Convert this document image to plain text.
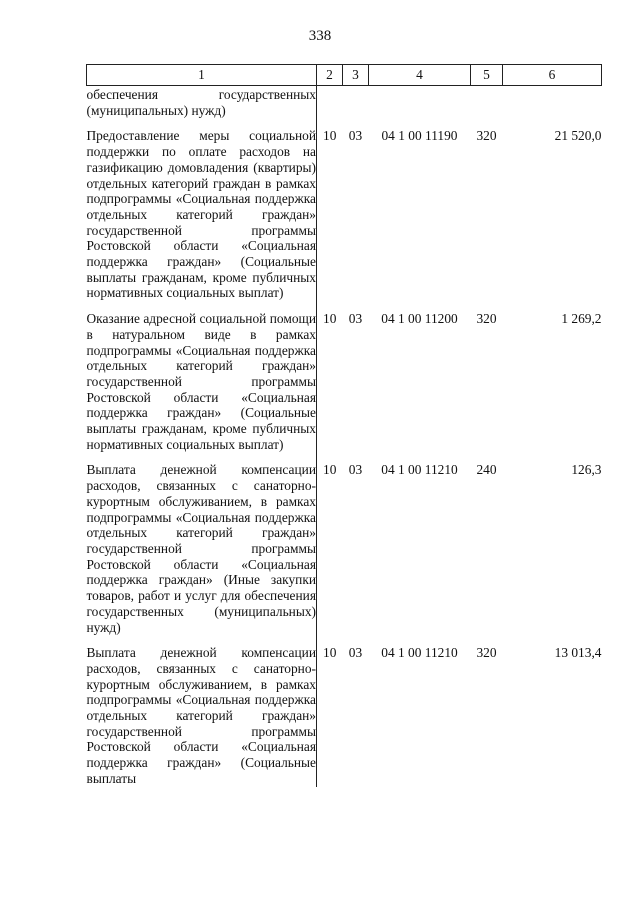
338
1	2	3	4	5	6
обеспечения государственных (муниципальных) нужд)					
Предоставление меры социальной поддержки по оплате расходов на газификацию домовладения (квартиры) отдельных категорий граждан в рамках подпрограммы «Социальная поддержка отдельных категорий граждан» государственной программы Ростовской области «Социальная поддержка граждан» (Социальные выплаты гражданам, кроме публичных нормативных социальных выплат)	10	03	04 1 00 11190	320	21 520,0
Оказание адресной социальной помощи в натуральном виде в рамках подпрограммы «Социальная поддержка отдельных категорий граждан» государственной программы Ростовской области «Социальная поддержка граждан» (Социальные выплаты гражданам, кроме публичных нормативных социальных выплат)	10	03	04 1 00 11200	320	1 269,2
Выплата денежной компенсации расходов, связанных с санаторно-курортным обслуживанием, в рамках подпрограммы «Социальная поддержка отдельных категорий граждан» государственной программы Ростовской области «Социальная поддержка граждан» (Иные закупки товаров, работ и услуг для обеспечения государственных (муниципальных) нужд)	10	03	04 1 00 11210	240	126,3
Выплата денежной компенсации расходов, связанных с санаторно-курортным обслуживанием, в рамках подпрограммы «Социальная поддержка отдельных категорий граждан» государственной программы Ростовской области «Социальная поддержка граждан» (Социальные выплаты	10	03	04 1 00 11210	320	13 013,4
